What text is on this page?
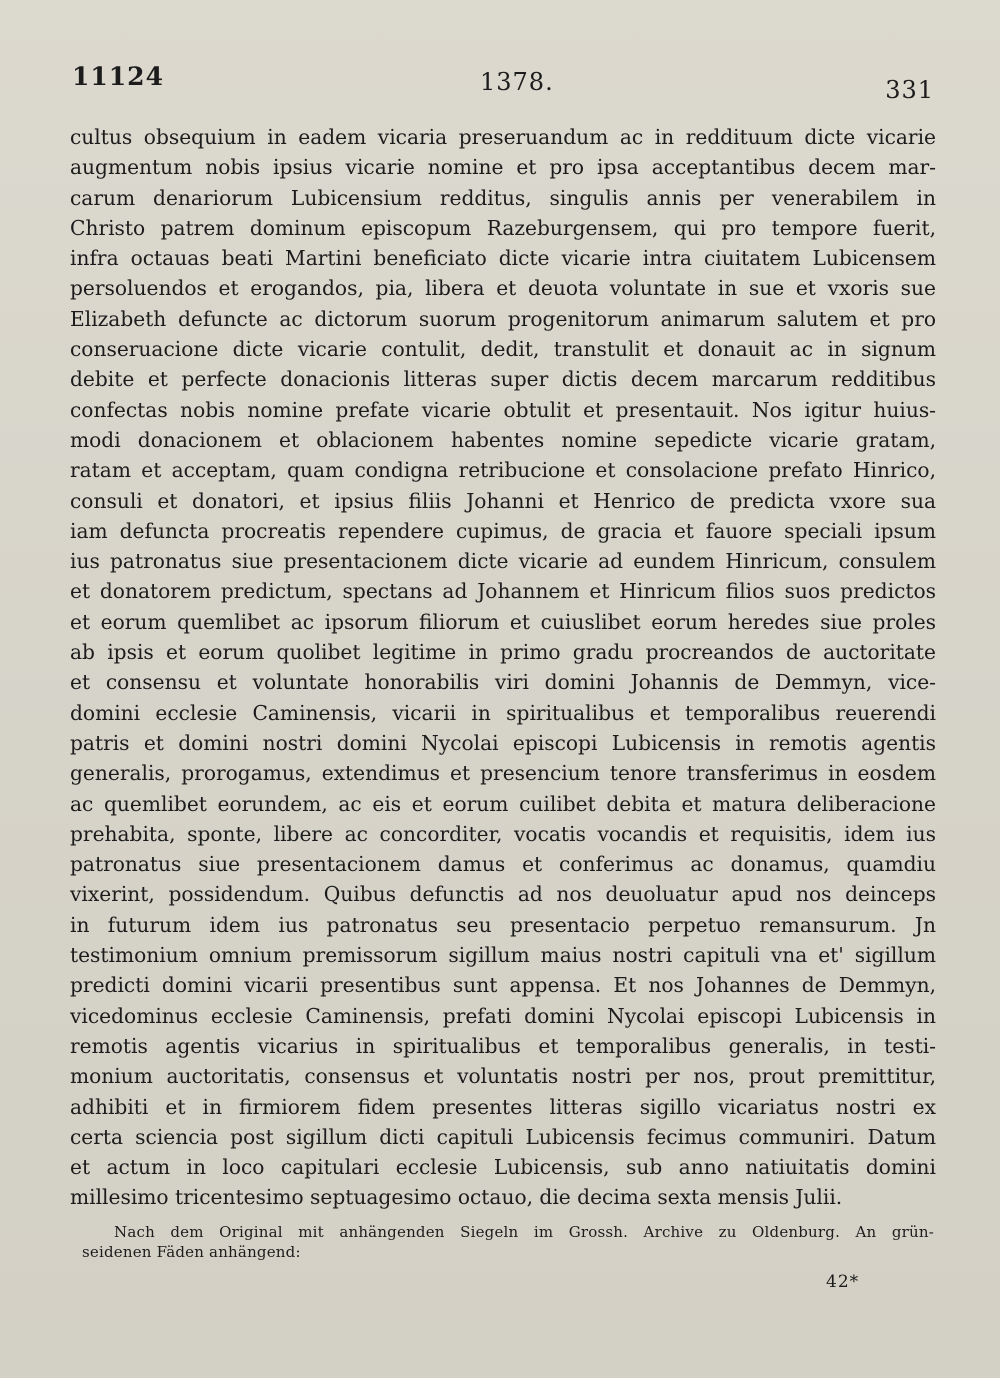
11124	1378.	331
cultus obsequium in eadem vicaria preseruandum ac in reddituum dicte vicarie
augmentum nobis ipsius vicarie nomine et pro ipsa acceptantibus decem mar-
carum denariorum Lubicensium redditus, singulis annis per venerabilem in
Christo patrem dominum episcopum Razeburgensem, qui pro tempore fuerit,
infra octauas beati Martini beneficiato dicte vicarie intra ciuitatem Lubicensem
persoluendos et erogandos, pia, libera et deuota voluntate in sue et vxoris sue
Elizabeth defuncte ac dictorum suorum progenitorum animarum salutem et pro
conseruacione dicte vicarie contulit, dedit, transtulit et donauit ac in signum
debite et perfecte donacionis litteras super dictis decem marcarum redditibus
confectas nobis nomine prefate vicarie obtulit et presentauit. Nos igitur huius-
modi donacionem et oblacionem habentes nomine sepedicte vicarie gratam,
ratam et acceptam, quam condigna retribucione et consolacione prefato Hinrico,
consuli et donatori, et ipsius filiis Johanni et Henrico de predicta vxore sua
iam defuncta procreatis rependere cupimus, de gracia et fauore speciali ipsum
ius patronatus siue presentacionem dicte vicarie ad eundem Hinricum, consulem
et donatorem predictum, spectans ad Johannem et Hinricum filios suos predictos
et eorum quemlibet ac ipsorum filiorum et cuiuslibet eorum heredes siue proles
ab ipsis et eorum quolibet legitime in primo gradu procreandos de auctoritate
et consensu et voluntate honorabilis viri domini Johannis de Demmyn, vice-
domini ecclesie Caminensis, vicarii in spiritualibus et temporalibus reuerendi
patris et domini nostri domini Nycolai episcopi Lubicensis in remotis agentis
generalis, prorogamus, extendimus et presencium tenore transferimus in eosdem
ac quemlibet eorundem, ac eis et eorum cuilibet debita et matura deliberacione
prehabita, sponte, libere ac concorditer, vocatis vocandis et requisitis, idem ius
patronatus siue presentacionem damus et conferimus ac donamus, quamdiu
vixerint, possidendum. Quibus defunctis ad nos deuoluatur apud nos deinceps
in futurum idem ius patronatus seu presentacio perpetuo remansurum. Jn
testimonium omnium premissorum sigillum maius nostri capituli vna et' sigillum
predicti domini vicarii presentibus sunt appensa. Et nos Johannes de Demmyn,
vicedominus ecclesie Caminensis, prefati domini Nycolai episcopi Lubicensis in
remotis agentis vicarius in spiritualibus et temporalibus generalis, in testi-
monium auctoritatis, consensus et voluntatis nostri per nos, prout premittitur,
adhibiti et in firmiorem fidem presentes litteras sigillo vicariatus nostri ex
certa sciencia post sigillum dicti capituli Lubicensis fecimus communiri. Datum
et actum in loco capitulari ecclesie Lubicensis, sub anno natiuitatis domini
millesimo tricentesimo septuagesimo octauo, die decima sexta mensis Julii.
Nach dem Original mit anhängenden Siegeln im Grossh. Archive zu Oldenburg. An grün-
seidenen Fäden anhängend:
42*
